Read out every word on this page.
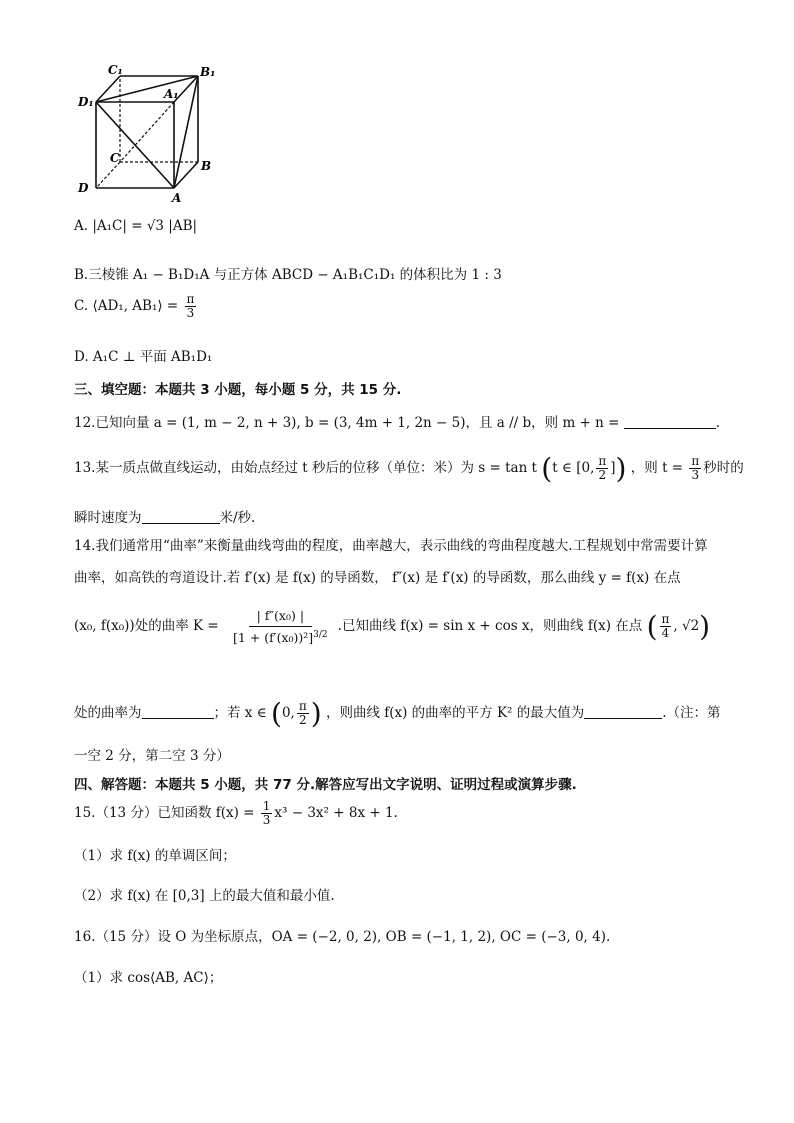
C₁	B₁
D₁
A₁
C
B
D
A
A. |A₁C| = √3 |AB|
B.三棱锥 A₁ − B₁D₁A 与正方体 ABCD − A₁B₁C₁D₁ 的体积比为 1 : 3
C. ⟨AD₁, AB₁⟩ = $\frac{\pi}{3}$
D. A₁C ⊥ 平面 AB₁D₁
三、填空题：本题共 3 小题，每小题 5 分，共 15 分.
12.已知向量 a = (1, m − 2, n + 3), b = (3, 4m + 1, 2n − 5)，且 a // b，则 m + n =	.
13.某一质点做直线运动，由始点经过 t 秒后的位移（单位：米）为 s = tan t (t ∈ [0, $\frac{\pi}{2}$ ]) ，则 $t = \frac{\pi}{3}$ 秒时的
瞬时速度为	米/秒.
14.我们通常用“曲率”来衡量曲线弯曲的程度，曲率越大，表示曲线的弯曲程度越大.工程规划中常需要计算
曲率，如高铁的弯道设计.若 f′(x) 是 f(x) 的导函数， f″(x) 是 f′(x) 的导函数，那么曲线 y = f(x) 在点
(x₀, f(x₀))处的曲率 $K = \frac{\text{| f″(x₀) |}}{[1 + (f'(x_0))^2]^{3/2}}$ .已知曲线 f(x) = sin x + cos x，则曲线 f(x) 在点 ( $\frac{\pi}{4}$ , √2)
处的曲率为	；若 x ∈ (0, $\frac{\pi}{2}$ ) ，则曲线 f(x) 的曲率的平方 K² 的最大值为	.（注：第
一空 2 分，第二空 3 分）
四、解答题：本题共 5 小题，共 77 分.解答应写出文字说明、证明过程或演算步骤.
15.（13 分）已知函数 $f(x) = \frac{1}{3} x^3 - 3x^2 + 8x + 1$.
（1）求 f(x) 的单调区间；
（2）求 f(x) 在 [0,3] 上的最大值和最小值.
16.（15 分）设 O 为坐标原点，OA = (−2, 0, 2), OB = (−1, 1, 2), OC = (−3, 0, 4).
（1）求 cos⟨AB, AC⟩；
